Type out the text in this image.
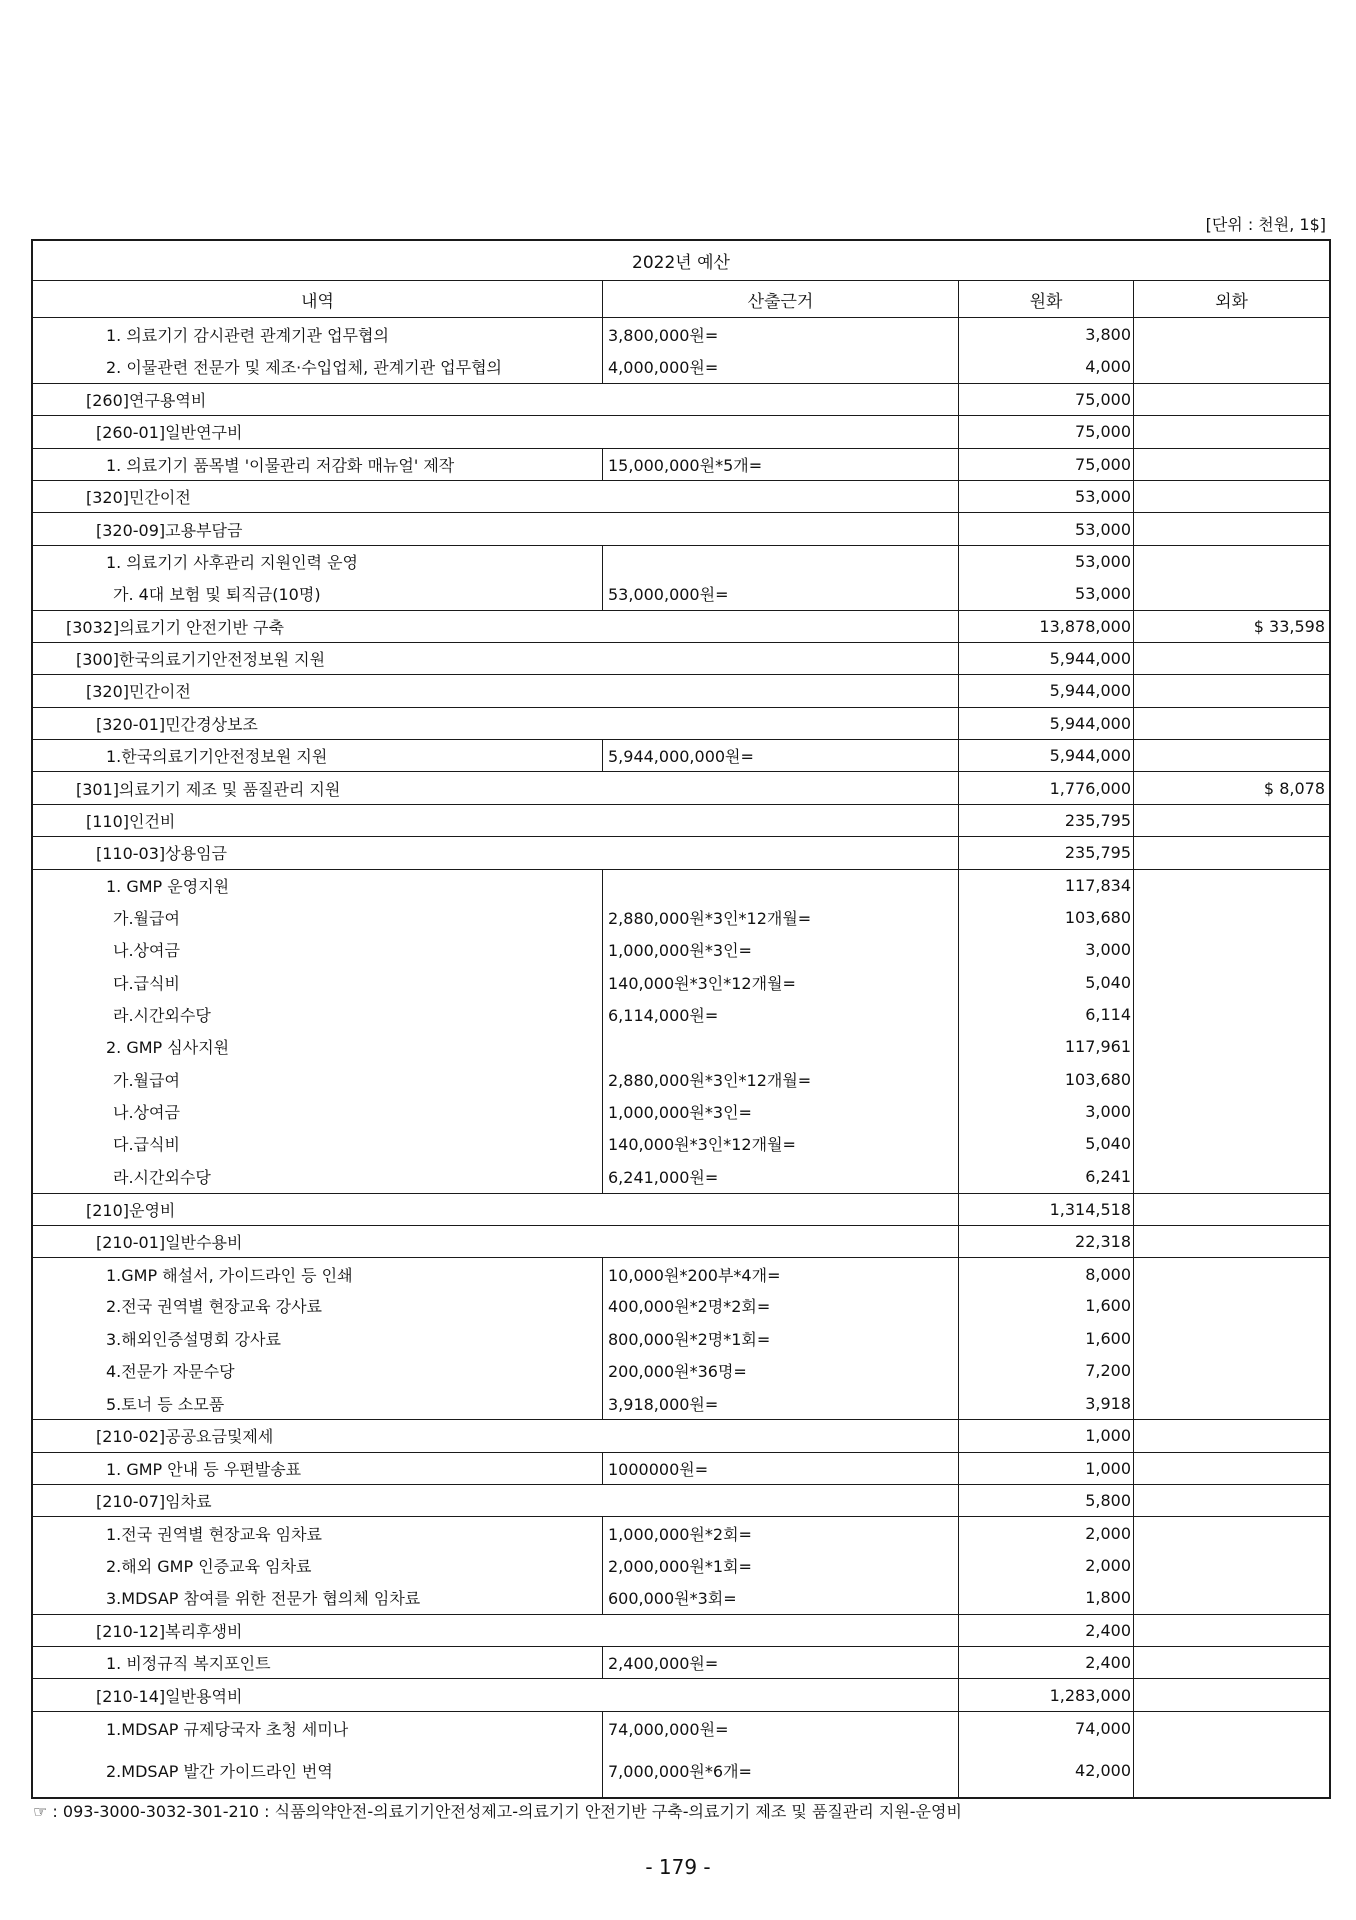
[단위 : 천원, 1$]
2022년 예산
내역	산출근거	원화	외화
1. 의료기기 감시관련 관계기관 업무협의	3,800,000원=	3,800
2. 이물관련 전문가 및 제조·수입업체, 관계기관 업무협의	4,000,000원=	4,000
[260]연구용역비	75,000
[260-01]일반연구비	75,000
1. 의료기기 품목별 '이물관리 저감화 매뉴얼' 제작	15,000,000원*5개=	75,000
[320]민간이전	53,000
[320-09]고용부담금	53,000
1. 의료기기 사후관리 지원인력 운영	53,000
가. 4대 보험 및 퇴직금(10명)	53,000,000원=	53,000
[3032]의료기기 안전기반 구축	13,878,000	$ 33,598
[300]한국의료기기안전정보원 지원	5,944,000
[320]민간이전	5,944,000
[320-01]민간경상보조	5,944,000
1.한국의료기기안전정보원 지원	5,944,000,000원=	5,944,000
[301]의료기기 제조 및 품질관리 지원	1,776,000	$ 8,078
[110]인건비	235,795
[110-03]상용임금	235,795
1. GMP 운영지원	117,834
가.월급여	2,880,000원*3인*12개월=	103,680
나.상여금	1,000,000원*3인=	3,000
다.급식비	140,000원*3인*12개월=	5,040
라.시간외수당	6,114,000원=	6,114
2. GMP 심사지원	117,961
가.월급여	2,880,000원*3인*12개월=	103,680
나.상여금	1,000,000원*3인=	3,000
다.급식비	140,000원*3인*12개월=	5,040
라.시간외수당	6,241,000원=	6,241
[210]운영비	1,314,518
[210-01]일반수용비	22,318
1.GMP 해설서, 가이드라인 등 인쇄	10,000원*200부*4개=	8,000
2.전국 권역별 현장교육 강사료	400,000원*2명*2회=	1,600
3.해외인증설명회 강사료	800,000원*2명*1회=	1,600
4.전문가 자문수당	200,000원*36명=	7,200
5.토너 등 소모품	3,918,000원=	3,918
[210-02]공공요금및제세	1,000
1. GMP 안내 등 우편발송표	1000000원=	1,000
[210-07]임차료	5,800
1.전국 권역별 현장교육 임차료	1,000,000원*2회=	2,000
2.해외 GMP 인증교육 임차료	2,000,000원*1회=	2,000
3.MDSAP 참여를 위한 전문가 협의체 임차료	600,000원*3회=	1,800
[210-12]복리후생비	2,400
1. 비정규직 복지포인트	2,400,000원=	2,400
[210-14]일반용역비	1,283,000
1.MDSAP 규제당국자 초청 세미나	74,000,000원=	74,000
2.MDSAP 발간 가이드라인 번역	7,000,000원*6개=	42,000
☞ : 093-3000-3032-301-210 : 식품의약안전-의료기기안전성제고-의료기기 안전기반 구축-의료기기 제조 및 품질관리 지원-운영비
- 179 -
